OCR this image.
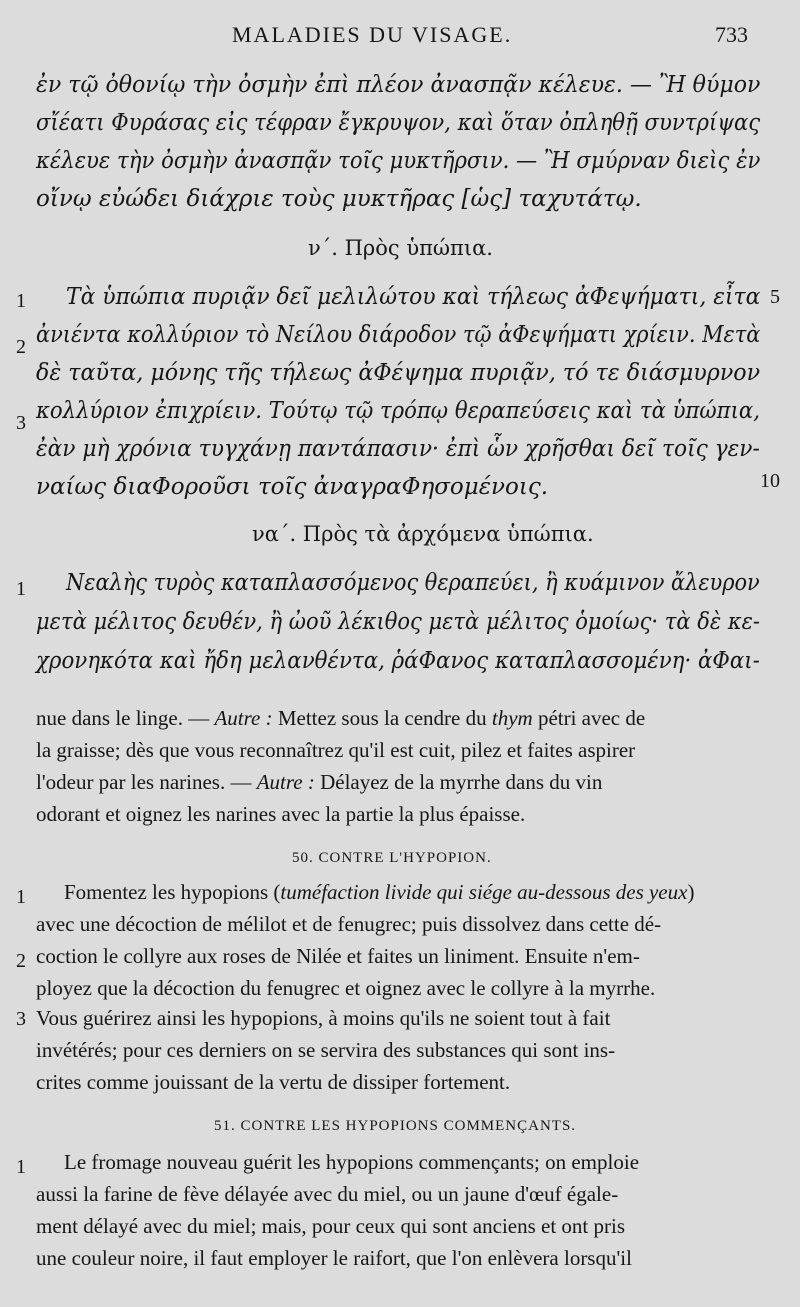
MALADIES DU VISAGE.	733
ἐν τῷ ὀθονίῳ τὴν ὀσμὴν ἐπὶ πλέον ἀνασπᾷν κέλευε. — Ἢ θύμον
σἴέατι Φυράσας εἰς τέφραν ἔγκρυψον, καὶ ὅταν ὀπληθῇ συντρίψας
κέλευε τὴν ὀσμὴν ἀνασπᾷν τοῖς μυκτῆρσιν. — Ἢ σμύρναν διεὶς ἐν
οἴνῳ εὐώδει διάχριε τοὺς μυκτῆρας [ὡς] ταχυτάτῳ.
ν΄. Πρὸς ὑπώπια.
1
2
3
5
10
Τὰ ὑπώπια πυριᾷν δεῖ μελιλώτου καὶ τήλεως ἀΦεψήματι, εἶτα
ἀνιέντα κολλύριον τὸ Νείλου διάροδον τῷ ἀΦεψήματι χρίειν. Μετὰ
δὲ ταῦτα, μόνης τῆς τήλεως ἀΦέψημα πυριᾷν, τό τε διάσμυρνον
κολλύριον ἐπιχρίειν. Τούτῳ τῷ τρόπῳ θεραπεύσεις καὶ τὰ ὑπώπια,
ἐὰν μὴ χρόνια τυγχάνῃ παντάπασιν· ἐπὶ ὧν χρῆσθαι δεῖ τοῖς γεν-
ναίως διαΦοροῦσι τοῖς ἀναγραΦησομένοις.
να΄. Πρὸς τὰ ἀρχόμενα ὑπώπια.
1 Νεαλὴς τυρὸς καταπλασσόμενος θεραπεύει, ἢ κυάμινον ἄλευρον
μετὰ μέλιτος δευθέν, ἢ ὠοῦ λέκιθος μετὰ μέλιτος ὁμοίως· τὰ δὲ κε-
χρονηκότα καὶ ἤδη μελανθέντα, ῥάΦανος καταπλασσομένη· ἀΦαι-
nue dans le linge. — Autre : Mettez sous la cendre du thym pétri avec de
la graisse; dès que vous reconnaîtrez qu'il est cuit, pilez et faites aspirer
l'odeur par les narines. — Autre : Délayez de la myrrhe dans du vin
odorant et oignez les narines avec la partie la plus épaisse.
50. CONTRE L'HYPOPION.
1
2
3
Fomentez les hypopions (tuméfaction livide qui siége au-dessous des yeux)
avec une décoction de mélilot et de fenugrec; puis dissolvez dans cette dé-
coction le collyre aux roses de Nilée et faites un liniment. Ensuite n'em-
ployez que la décoction du fenugrec et oignez avec le collyre à la myrrhe.
Vous guérirez ainsi les hypopions, à moins qu'ils ne soient tout à fait
invétérés; pour ces derniers on se servira des substances qui sont ins-
crites comme jouissant de la vertu de dissiper fortement.
51. CONTRE LES HYPOPIONS COMMENÇANTS.
1 Le fromage nouveau guérit les hypopions commençants; on emploie
aussi la farine de fève délayée avec du miel, ou un jaune d'œuf égale-
ment délayé avec du miel; mais, pour ceux qui sont anciens et ont pris
une couleur noire, il faut employer le raifort, que l'on enlèvera lorsqu'il
